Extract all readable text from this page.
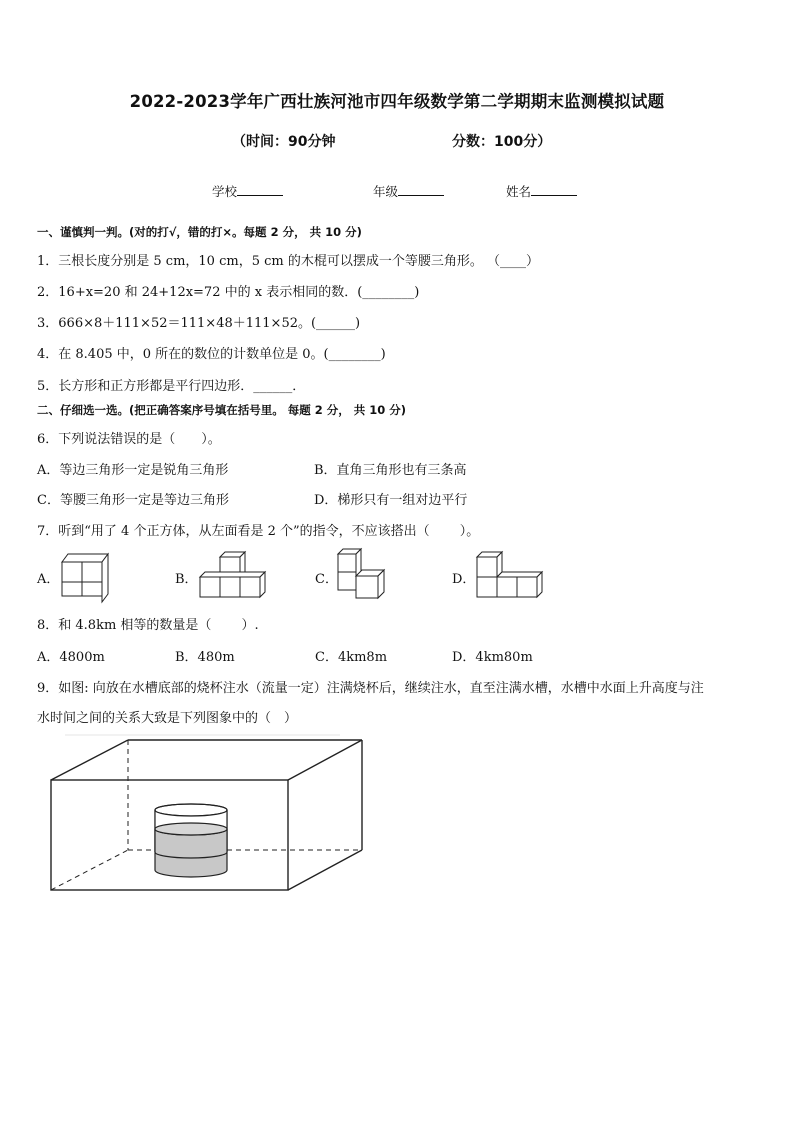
2022-2023学年广西壮族河池市四年级数学第二学期期末监测模拟试题
（时间：90分钟	分数：100分）
学校	年级	姓名
一、谨慎判一判。(对的打√，错的打×。每题 2 分， 共 10 分)
1．三根长度分别是 5 cm，10 cm，5 cm 的木棍可以摆成一个等腰三角形。 （____）
2．16+x=20 和 24+12x=72 中的 x 表示相同的数．(________)
3．666×8＋111×52＝111×48＋111×52。(______)
4．在 8.405 中，0 所在的数位的计数单位是 0。(________)
5．长方形和正方形都是平行四边形．______．
二、仔细选一选。(把正确答案序号填在括号里。 每题 2 分， 共 10 分)
6．下列说法错误的是（　　）。
A．等边三角形一定是锐角三角形	B．直角三角形也有三条高
C．等腰三角形一定是等边三角形	D．梯形只有一组对边平行
7．听到“用了 4 个正方体，从左面看是 2 个”的指令，不应该搭出（　　 ）。
A．	B．	C．	D．
8．和 4.8km 相等的数量是（　　 ）.
A．4800m	B．480m	C．4km8m	D．4km80m
9．如图: 向放在水槽底部的烧杯注水（流量一定）注满烧杯后，继续注水，直至注满水槽，水槽中水面上升高度与注
水时间之间的关系大致是下列图象中的（　）
